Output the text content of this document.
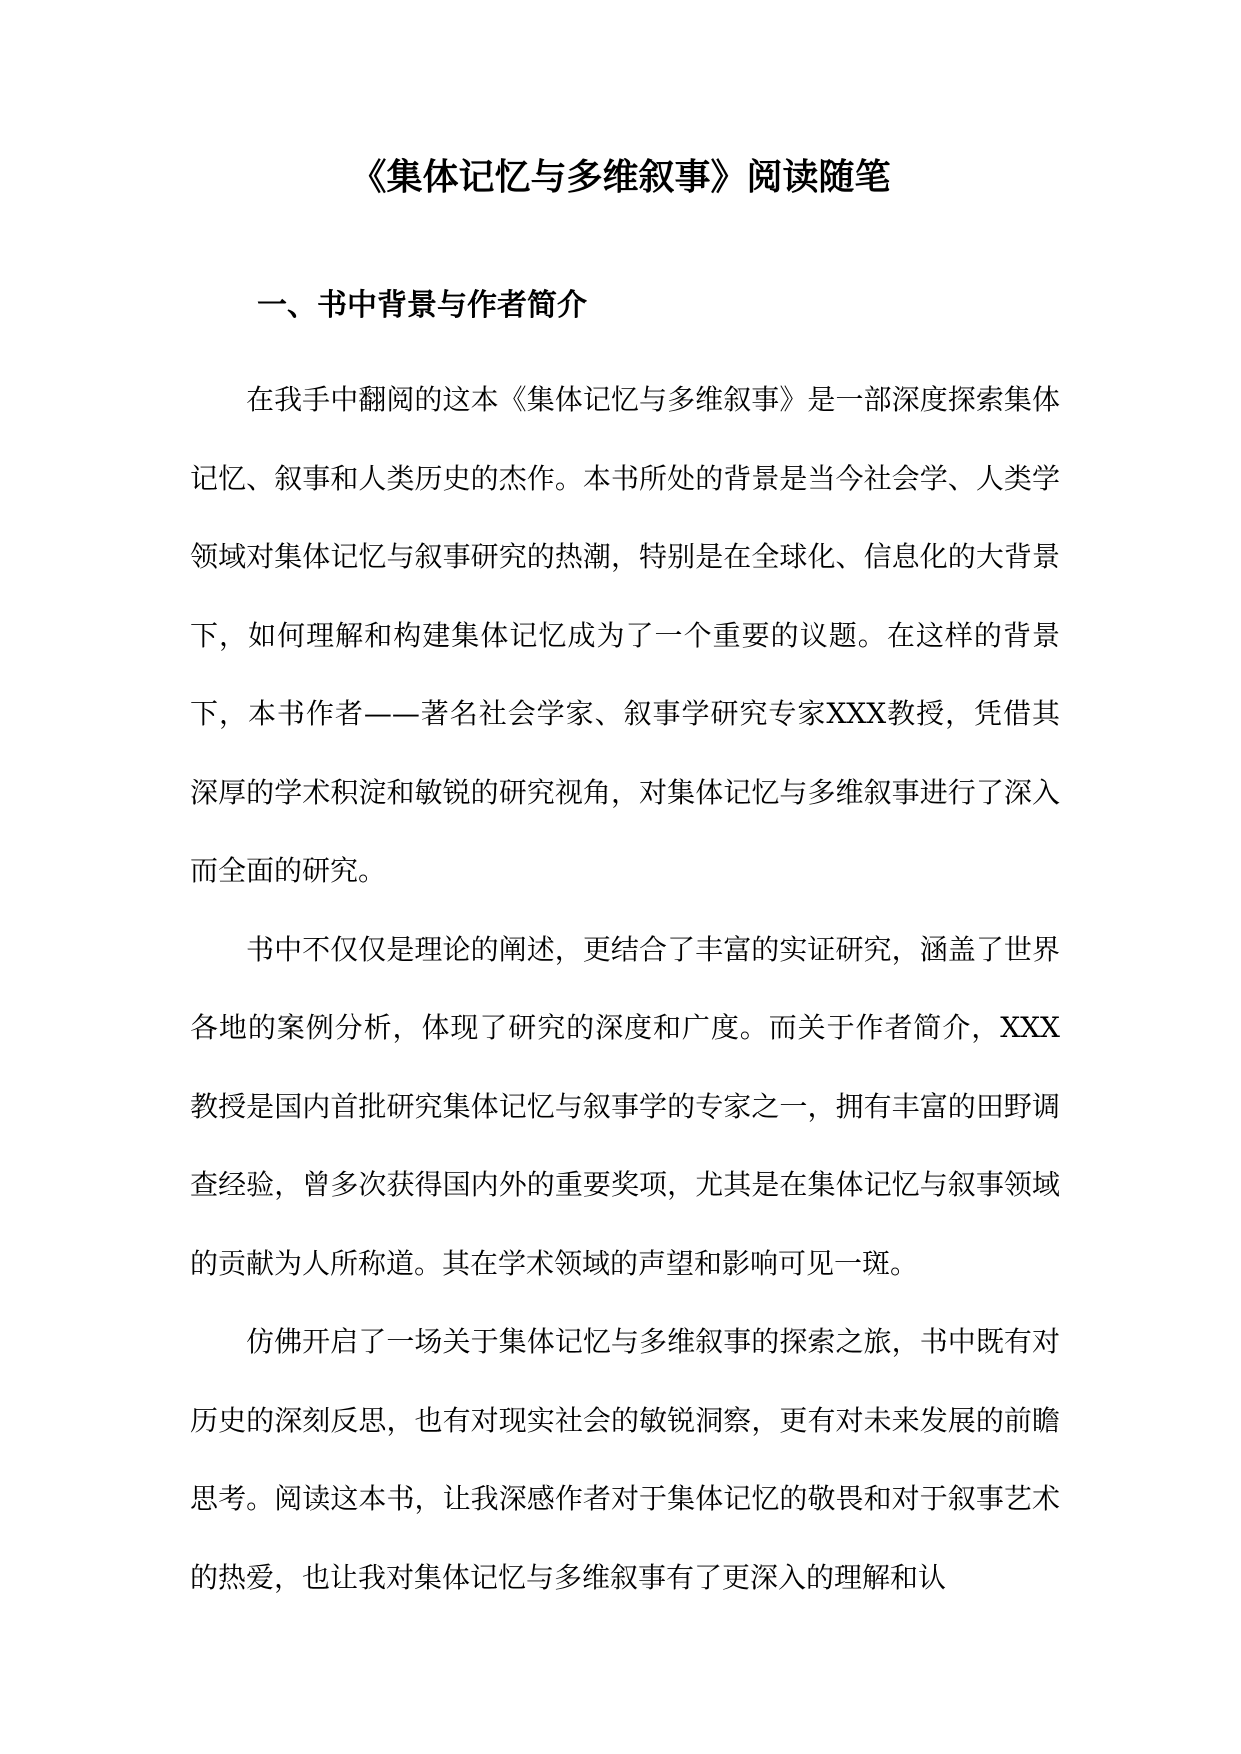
《集体记忆与多维叙事》阅读随笔
一、书中背景与作者简介

在我手中翻阅的这本《集体记忆与多维叙事》是一部深度探索集体记忆、叙事和人类历史的杰作。本书所处的背景是当今社会学、人类学领域对集体记忆与叙事研究的热潮，特别是在全球化、信息化的大背景下，如何理解和构建集体记忆成为了一个重要的议题。在这样的背景下，本书作者——著名社会学家、叙事学研究专家XXX教授，凭借其深厚的学术积淀和敏锐的研究视角，对集体记忆与多维叙事进行了深入而全面的研究。

书中不仅仅是理论的阐述，更结合了丰富的实证研究，涵盖了世界各地的案例分析，体现了研究的深度和广度。而关于作者简介，XXX教授是国内首批研究集体记忆与叙事学的专家之一，拥有丰富的田野调查经验，曾多次获得国内外的重要奖项，尤其是在集体记忆与叙事领域的贡献为人所称道。其在学术领域的声望和影响可见一斑。

仿佛开启了一场关于集体记忆与多维叙事的探索之旅，书中既有对历史的深刻反思，也有对现实社会的敏锐洞察，更有对未来发展的前瞻思考。阅读这本书，让我深感作者对于集体记忆的敬畏和对于叙事艺术的热爱，也让我对集体记忆与多维叙事有了更深入的理解和认
